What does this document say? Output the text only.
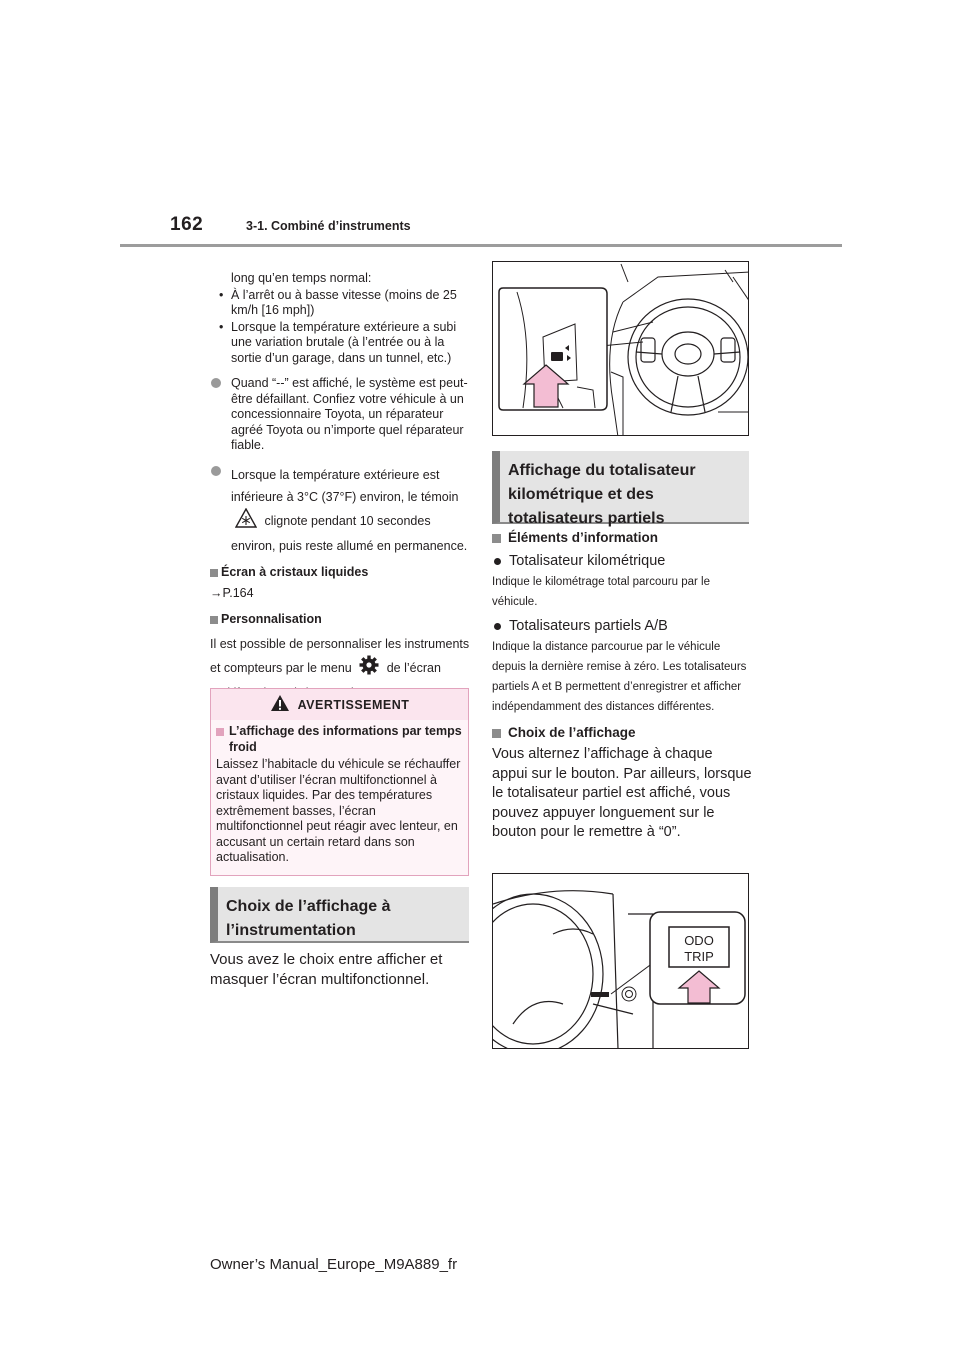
162	3-1. Combiné d’instruments
long qu’en temps normal:
• À l’arrêt ou à basse vitesse (moins de 25 km/h [16 mph])
• Lorsque la température extérieure a subi une variation brutale (à l’entrée ou à la sortie d’un garage, dans un tunnel, etc.)
Quand “--” est affiché, le système est peut-être défaillant. Confiez votre véhicule à un concessionnaire Toyota, un réparateur agréé Toyota ou n’importe quel réparateur fiable.
Lorsque la température extérieure est inférieure à 3°C (37°F) environ, le témoin  clignote pendant 10 secondes environ, puis reste allumé en permanence.
Écran à cristaux liquides
→P.164
Personnalisation
Il est possible de personnaliser les instruments et compteurs par le menu	de l’écran
AVERTISSEMENT
L’affichage des informations par temps froid
Laissez l’habitacle du véhicule se réchauffer avant d’utiliser l’écran multifonctionnel à cristaux liquides. Par des températures extrêmement basses, l’écran multifonctionnel peut réagir avec lenteur, en accusant un certain retard dans son actualisation.
Choix de l’affichage à l’instrumentation
Vous avez le choix entre afficher et masquer l’écran multifonctionnel.
Affichage du totalisateur kilométrique et des totalisateurs partiels
Éléments d’information
Totalisateur kilométrique
Indique le kilométrage total parcouru par le véhicule.
Totalisateurs partiels A/B
Indique la distance parcourue par le véhicule depuis la dernière remise à zéro. Les totalisateurs partiels A et B permettent d’enregistrer et afficher indépendamment des distances différentes.
Choix de l’affichage
Vous alternez l’affichage à chaque appui sur le bouton. Par ailleurs, lorsque le totalisateur partiel est affiché, vous pouvez appuyer longuement sur le bouton pour le remettre à “0”.
ODO
TRIP
Owner’s Manual_Europe_M9A889_fr
